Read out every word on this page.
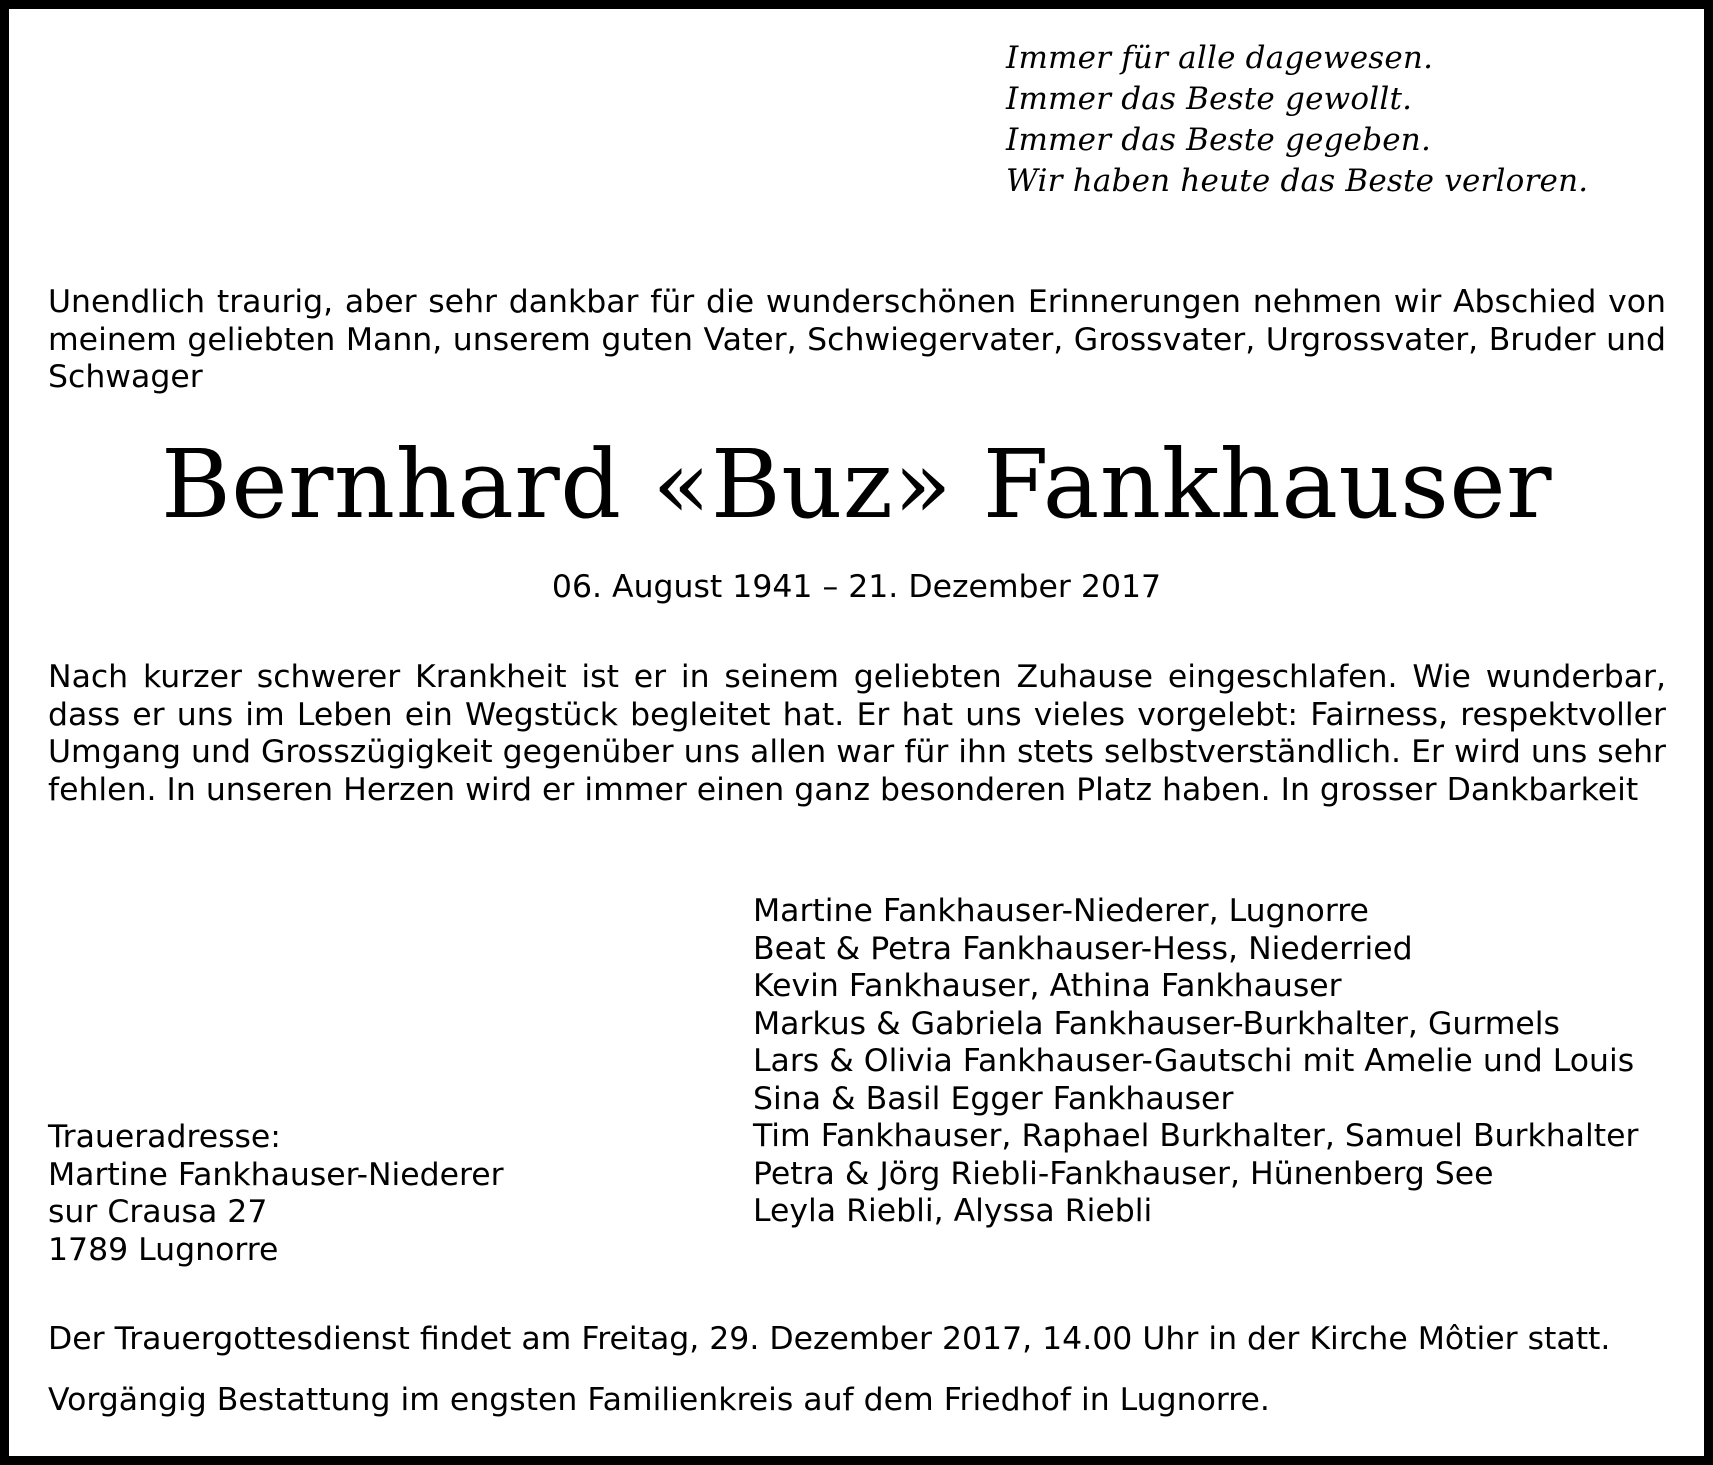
Immer für alle dagewesen.
Immer das Beste gewollt.
Immer das Beste gegeben.
Wir haben heute das Beste verloren.
Unendlich traurig, aber sehr dankbar für die wunderschönen Erinnerungen nehmen wir Abschied von meinem geliebten Mann, unserem guten Vater, Schwiegervater, Grossvater, Urgrossvater, Bruder und Schwager
Bernhard «Buz» Fankhauser
06. August 1941 – 21. Dezember 2017
Nach kurzer schwerer Krankheit ist er in seinem geliebten Zuhause eingeschlafen. Wie wunderbar, dass er uns im Leben ein Wegstück begleitet hat. Er hat uns vieles vorgelebt: Fairness, respektvoller Umgang und Grosszügigkeit gegenüber uns allen war für ihn stets selbstverständlich. Er wird uns sehr fehlen. In unseren Herzen wird er immer einen ganz besonderen Platz haben. In grosser Dankbarkeit
Martine Fankhauser-Niederer, Lugnorre
Beat & Petra Fankhauser-Hess, Niederried
Kevin Fankhauser, Athina Fankhauser
Markus & Gabriela Fankhauser-Burkhalter, Gurmels
Lars & Olivia Fankhauser-Gautschi mit Amelie und Louis
Sina & Basil Egger Fankhauser
Tim Fankhauser, Raphael Burkhalter, Samuel Burkhalter
Petra & Jörg Riebli-Fankhauser, Hünenberg See
Leyla Riebli, Alyssa Riebli
Traueradresse:
Martine Fankhauser-Niederer
sur Crausa 27
1789 Lugnorre
Der Trauergottesdienst findet am Freitag, 29. Dezember 2017, 14.00 Uhr in der Kirche Môtier statt.
Vorgängig Bestattung im engsten Familienkreis auf dem Friedhof in Lugnorre.
